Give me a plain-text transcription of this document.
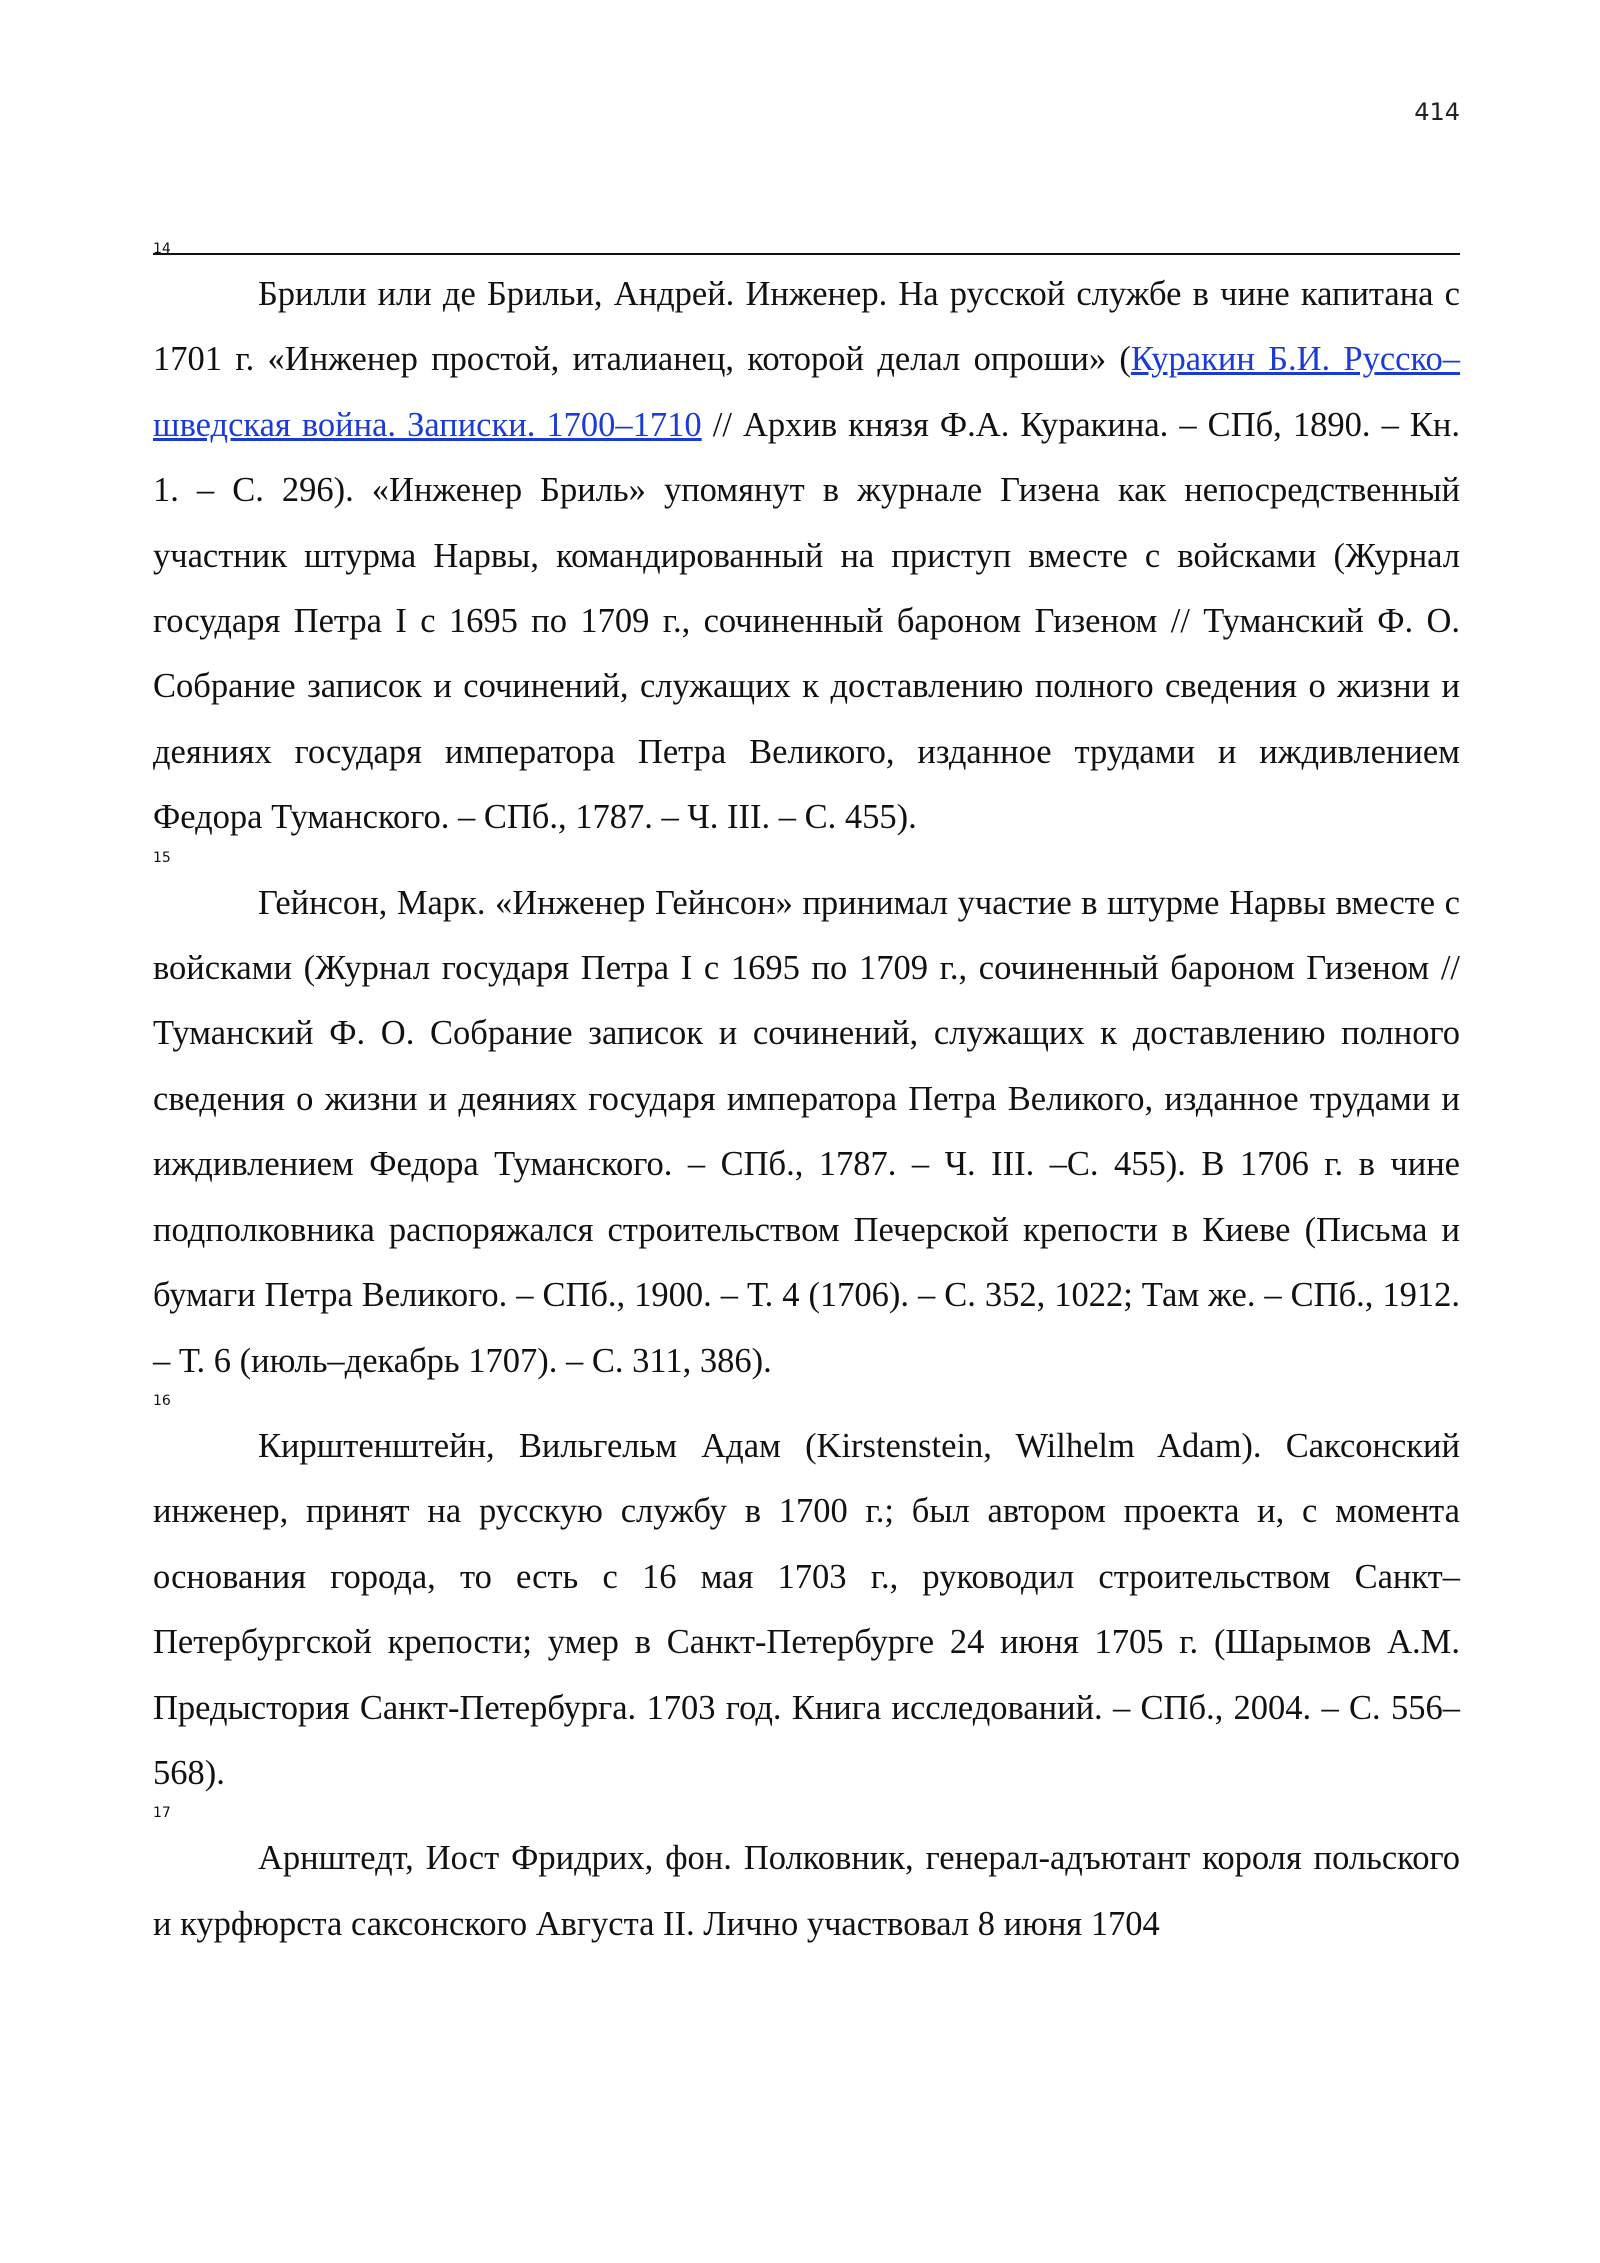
414
14
Брилли или де Брильи, Андрей. Инженер. На русской службе в чине капитана с 1701 г. «Инженер простой, италианец, которой делал опроши» (Куракин Б.И. Русско–шведская война. Записки. 1700–1710 // Архив князя Ф.А. Куракина. – СПб, 1890. – Кн. 1. – С. 296). «Инженер Бриль» упомянут в журнале Гизена как непосредственный участник штурма Нарвы, командированный на приступ вместе с войсками (Журнал государя Петра I с 1695 по 1709 г., сочиненный бароном Гизеном // Туманский Ф. О. Собрание записок и сочинений, служащих к доставлению полного сведения о жизни и деяниях государя императора Петра Великого, изданное трудами и иждивлением Федора Туманского. – СПб., 1787. – Ч. III. – С. 455).
15
Гейнсон, Марк. «Инженер Гейнсон» принимал участие в штурме Нарвы вместе с войсками (Журнал государя Петра I с 1695 по 1709 г., сочиненный бароном Гизеном // Туманский Ф. О. Собрание записок и сочинений, служащих к доставлению полного сведения о жизни и деяниях государя императора Петра Великого, изданное трудами и иждивлением Федора Туманского. – СПб., 1787. – Ч. III. –С. 455). В 1706 г. в чине подполковника распоряжался строительством Печерской крепости в Киеве (Письма и бумаги Петра Великого. – СПб., 1900. – Т. 4 (1706). – С. 352, 1022; Там же. – СПб., 1912. – Т. 6 (июль–декабрь 1707). – С. 311, 386).
16
Кирштенштейн, Вильгельм Адам (Kirstenstein, Wilhelm Adam). Саксонский инженер, принят на русскую службу в 1700 г.; был автором проекта и, с момента основания города, то есть с 16 мая 1703 г., руководил строительством Санкт–Петербургской крепости; умер в Санкт-Петербурге 24 июня 1705 г. (Шарымов А.М. Предыстория Санкт-Петербурга. 1703 год. Книга исследований. – СПб., 2004. – С. 556–568).
17
Арнштедт, Иост Фридрих, фон. Полковник, генерал-адъютант короля польского и курфюрста саксонского Августа II. Лично участвовал 8 июня 1704
